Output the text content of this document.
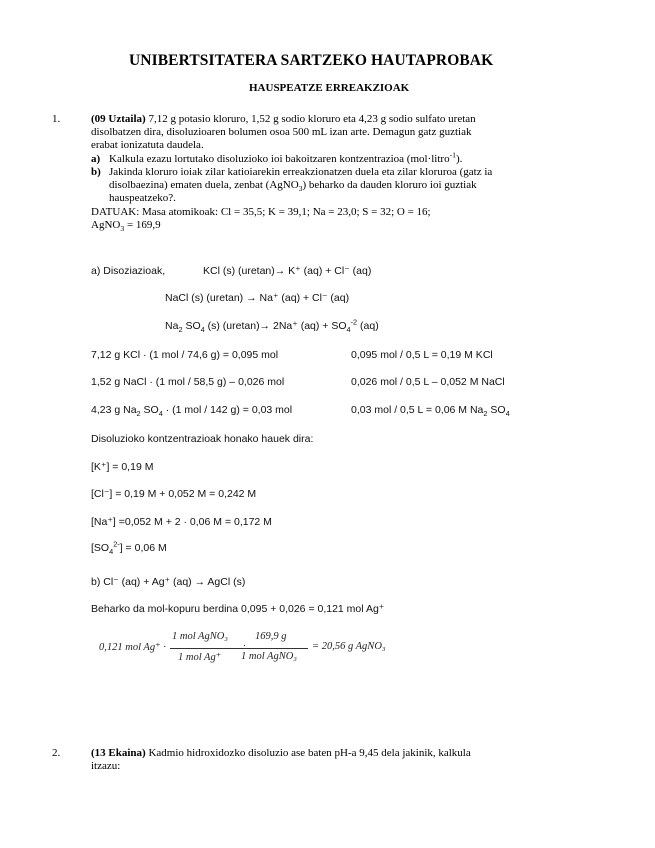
UNIBERTSITATERA SARTZEKO HAUTAPROBAK
HAUSPEATZE ERREAKZIOAK
1.	(09 Uztaila) 7,12 g potasio kloruro, 1,52 g sodio kloruro eta 4,23 g sodio sulfato uretan
disolbatzen dira, disoluzioaren bolumen osoa 500 mL izan arte. Demagun gatz guztiak
erabat ionizatuta daudela.
a) Kalkula ezazu lortutako disoluzioko ioi bakoitzaren kontzentrazioa (mol·litro$^{-1}$).
b) Jakinda kloruro ioiak zilar katioiarekin erreakzionatzen duela eta zilar kloruroa (gatz ia
disolbaezina) ematen duela, zenbat (AgNO$_3$) beharko da dauden kloruro ioi guztiak
hauspeatzeko?.
DATUAK: Masa atomikoak: Cl = 35,5; K = 39,1; Na = 23,0; S = 32; O = 16;
AgNO$_3$ = 169,9
a) Disoziazioak,	KCl (s) (uretan)→ K⁺ (aq) + Cl⁻ (aq)
NaCl (s) (uretan) → Na⁺ (aq) + Cl⁻ (aq)
$Na_2$ $SO_4$ (s) (uretan)→ 2Na⁺ $(aq) + SO_4^{-2}$ (aq)
7,12 g KCl · (1 mol / 74,6 g) = 0,095 mol	0,095 mol / 0,5 L = 0,19 M KCl
1,52 g NaCl · (1 mol / 58,5 g) – 0,026 mol	0,026 mol / 0,5 L – 0,052 M NaCl
4,23 g $Na_2$ $SO_4 \cdot (1$ mol / 142 g) = 0,03 mol	0,03 mol / 0,5 L = 0,06 M $Na_2$ $SO_4$
Disoluzioko kontzentrazioak honako hauek dira:
[K⁺] = 0,19 M
[Cl⁻] = 0,19 M + 0,052 M = 0,242 M
[Na⁺] =0,052 M + 2 · 0,06 M = 0,172 M
$[SO_4^{2-}] = 0,06$ M
b) Cl⁻ (aq) + Ag⁺ (aq) → AgCl (s)
Beharko da mol-kopuru berdina 0,095 + 0,026 = 0,121 mol Ag⁺
0,121 mol Ag⁺ ·
1 mol AgNO₃
1 mol Ag⁺
·
169,9 g
1 mol AgNO₃
= 20,56 g AgNO₃
2.	(13 Ekaina) Kadmio hidroxidozko disoluzio ase baten pH-a 9,45 dela jakinik, kalkula
itzazu:
